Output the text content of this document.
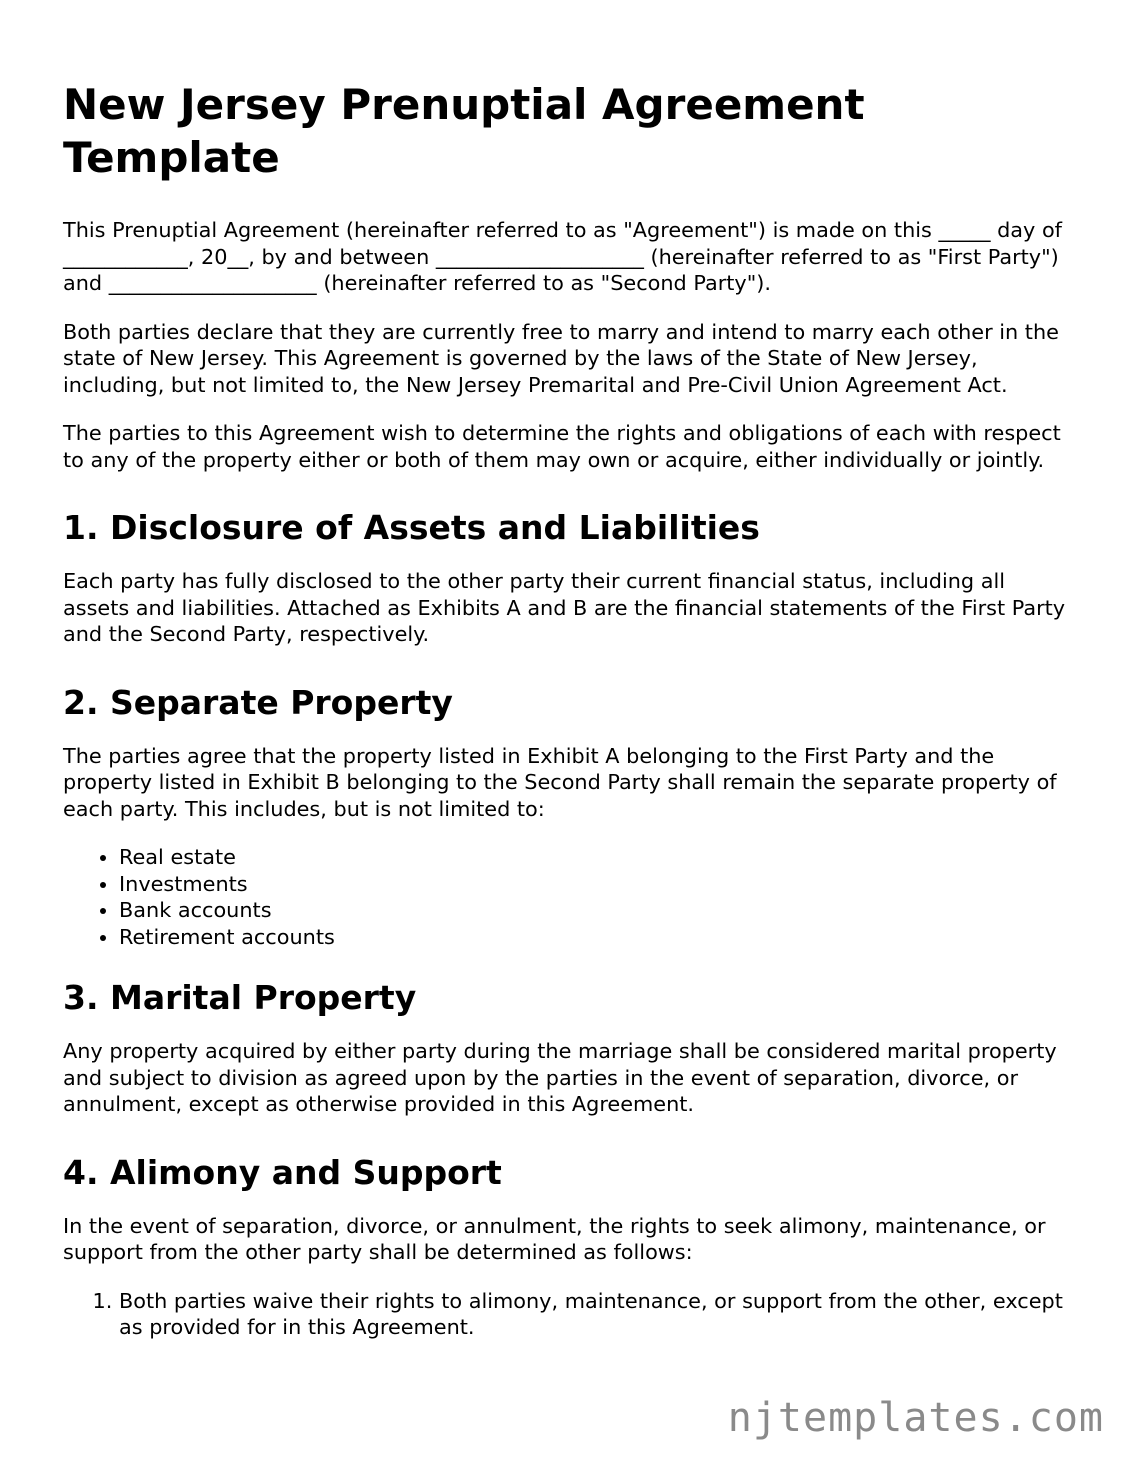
New Jersey Prenuptial Agreement Template

This Prenuptial Agreement (hereinafter referred to as "Agreement") is made on this _____ day of ____________, 20__, by and between ____________________ (hereinafter referred to as "First Party") and ____________________ (hereinafter referred to as "Second Party").

Both parties declare that they are currently free to marry and intend to marry each other in the state of New Jersey. This Agreement is governed by the laws of the State of New Jersey, including, but not limited to, the New Jersey Premarital and Pre-Civil Union Agreement Act.

The parties to this Agreement wish to determine the rights and obligations of each with respect to any of the property either or both of them may own or acquire, either individually or jointly.

1. Disclosure of Assets and Liabilities

Each party has fully disclosed to the other party their current financial status, including all assets and liabilities. Attached as Exhibits A and B are the financial statements of the First Party and the Second Party, respectively.

2. Separate Property

The parties agree that the property listed in Exhibit A belonging to the First Party and the property listed in Exhibit B belonging to the Second Party shall remain the separate property of each party. This includes, but is not limited to:

• Real estate
• Investments
• Bank accounts
• Retirement accounts
3. Marital Property

Any property acquired by either party during the marriage shall be considered marital property and subject to division as agreed upon by the parties in the event of separation, divorce, or annulment, except as otherwise provided in this Agreement.

4. Alimony and Support

In the event of separation, divorce, or annulment, the rights to seek alimony, maintenance, or support from the other party shall be determined as follows:

1. Both parties waive their rights to alimony, maintenance, or support from the other, except as provided for in this Agreement.
njtemplates.com
